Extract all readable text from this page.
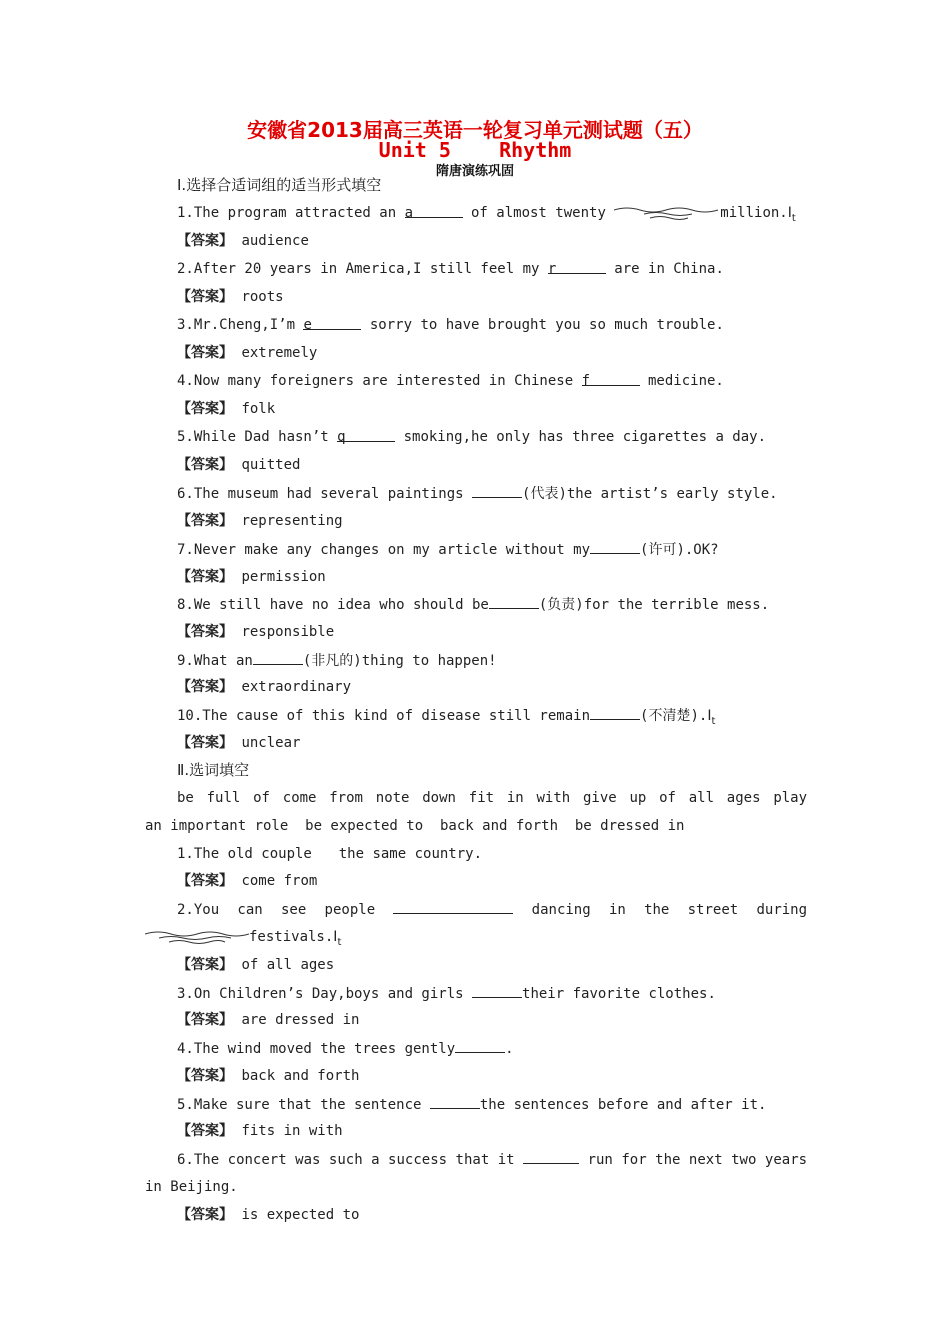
安徽省2013届高三英语一轮复习单元测试题（五）
Unit 5    Rhythm
隋唐演练巩固
Ⅰ.选择合适词组的适当形式填空
1.The program attracted an a	of almost twenty	$million.I_t$
【答案】 audience
2.After 20 years in America,I still feel my r	are in China.
【答案】 roots
3.Mr.Cheng,I’m e	sorry to have brought you so much trouble.
【答案】 extremely
4.Now many foreigners are interested in Chinese f	medicine.
【答案】 folk
5.While Dad hasn’t q	smoking,he only has three cigarettes a day.
【答案】 quitted
6.The museum had several paintings	(代表)the artist’s early style.
【答案】 representing
7.Never make any changes on my article without my	(许可).OK?
【答案】 permission
8.We still have no idea who should be	(负责)for the terrible mess.
【答案】 responsible
9.What an	(非凡的)thing to happen!
【答案】 extraordinary
10.The cause of this kind of disease still remain	(不清楚)$.I_t$
【答案】 unclear
Ⅱ.选词填空
be full of come from note down fit in with give up of all ages play
an important role  be expected to  back and forth  be dressed in
1.The old couple  the same country.
【答案】 come from
2.You can see people	dancing in the street during
$festivals.I_t$
【答案】 of all ages
3.On Children’s Day,boys and girls	their favorite clothes.
【答案】 are dressed in
4.The wind moved the trees gently	.
【答案】 back and forth
5.Make sure that the sentence	the sentences before and after it.
【答案】 fits in with
6.The concert was such a success that it	run for the next two years
in Beijing.
【答案】 is expected to
